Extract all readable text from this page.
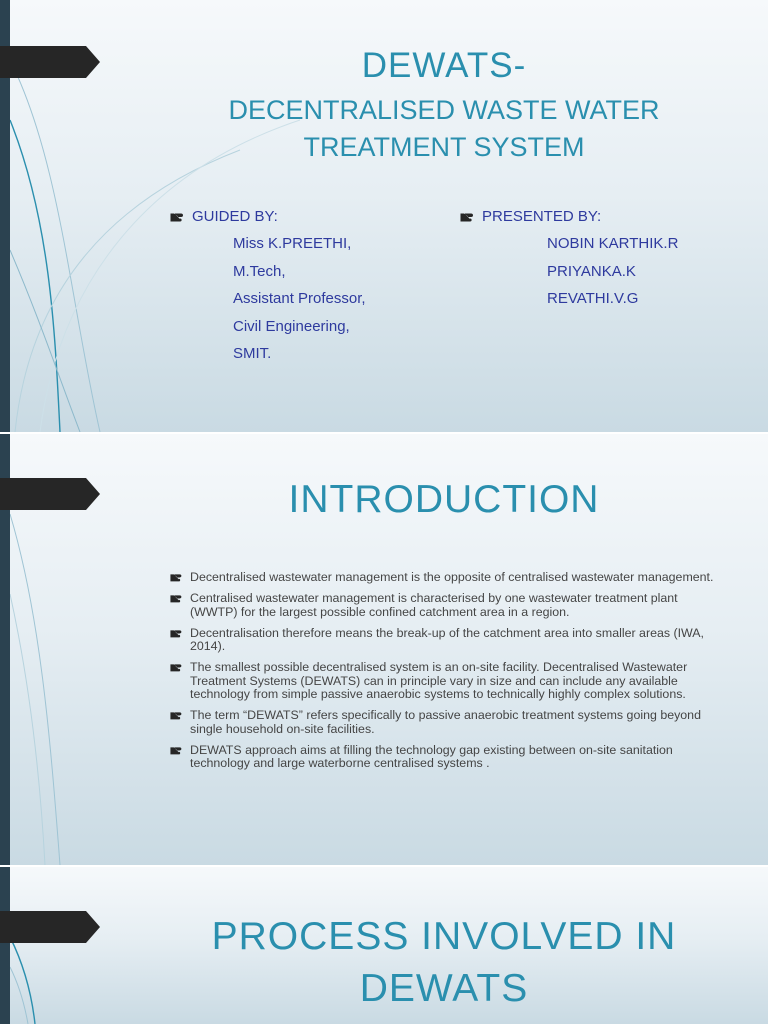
DEWATS-
DECENTRALISED WASTE WATER
TREATMENT SYSTEM
GUIDED BY:
Miss K.PREETHI,
M.Tech,
Assistant Professor,
Civil Engineering,
SMIT.
PRESENTED BY:
NOBIN KARTHIK.R
PRIYANKA.K
REVATHI.V.G
INTRODUCTION
Decentralised wastewater management is the opposite of centralised wastewater management.
Centralised wastewater management is characterised by one wastewater treatment plant (WWTP) for the largest possible confined catchment area in a region.
Decentralisation therefore means the break-up of the catchment area into smaller areas (IWA, 2014).
The smallest possible decentralised system is an on-site facility. Decentralised Wastewater Treatment Systems (DEWATS) can in principle vary in size and can include any available technology from simple passive anaerobic systems to technically highly complex solutions.
The term “DEWATS” refers specifically to passive anaerobic treatment systems going beyond single household on-site facilities.
DEWATS approach aims at filling the technology gap existing between on-site sanitation technology and large waterborne centralised systems .
PROCESS INVOLVED IN
DEWATS
